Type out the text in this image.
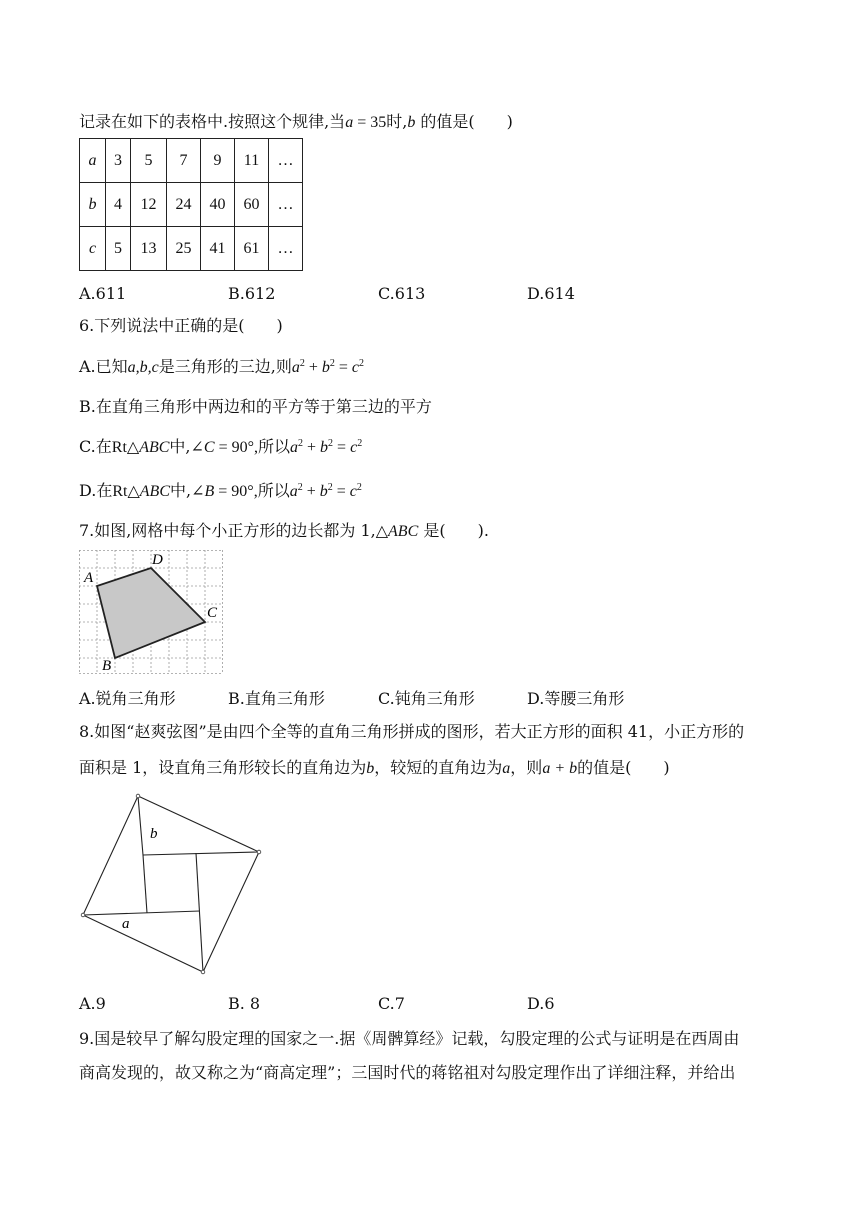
记录在如下的表格中.按照这个规律,当a = 35时,b 的值是(　　)
a	3	5	7	9	11	…
b	4	12	24	40	60	…
c	5	13	25	41	61	…
A.611	B.612	C.613	D.614
6.下列说法中正确的是(　　)
A.已知a,b,c是三角形的三边,则$a^2 + b^2 = c^2$
B.在直角三角形中两边和的平方等于第三边的平方
C.在Rt△ABC中,∠C = 90°,所以$a^2 + b^2 = c^2$
D.在Rt△ABC中,∠B = 90°,所以$a^2 + b^2 = c^2$
7.如图,网格中每个小正方形的边长都为 1,△ABC 是(　　).
A
B
C
D
A.锐角三角形	B.直角三角形	C.钝角三角形	D.等腰三角形
8.如图“赵爽弦图”是由四个全等的直角三角形拼成的图形，若大正方形的面积 41，小正方形的
面积是 1，设直角三角形较长的直角边为b，较短的直角边为a，则a + b的值是(　　)
b
a
A.9	B. 8	C.7	D.6
9.国是较早了解勾股定理的国家之一.据《周髀算经》记载，勾股定理的公式与证明是在西周由
商高发现的，故又称之为“商高定理”；三国时代的蒋铭祖对勾股定理作出了详细注释，并给出
